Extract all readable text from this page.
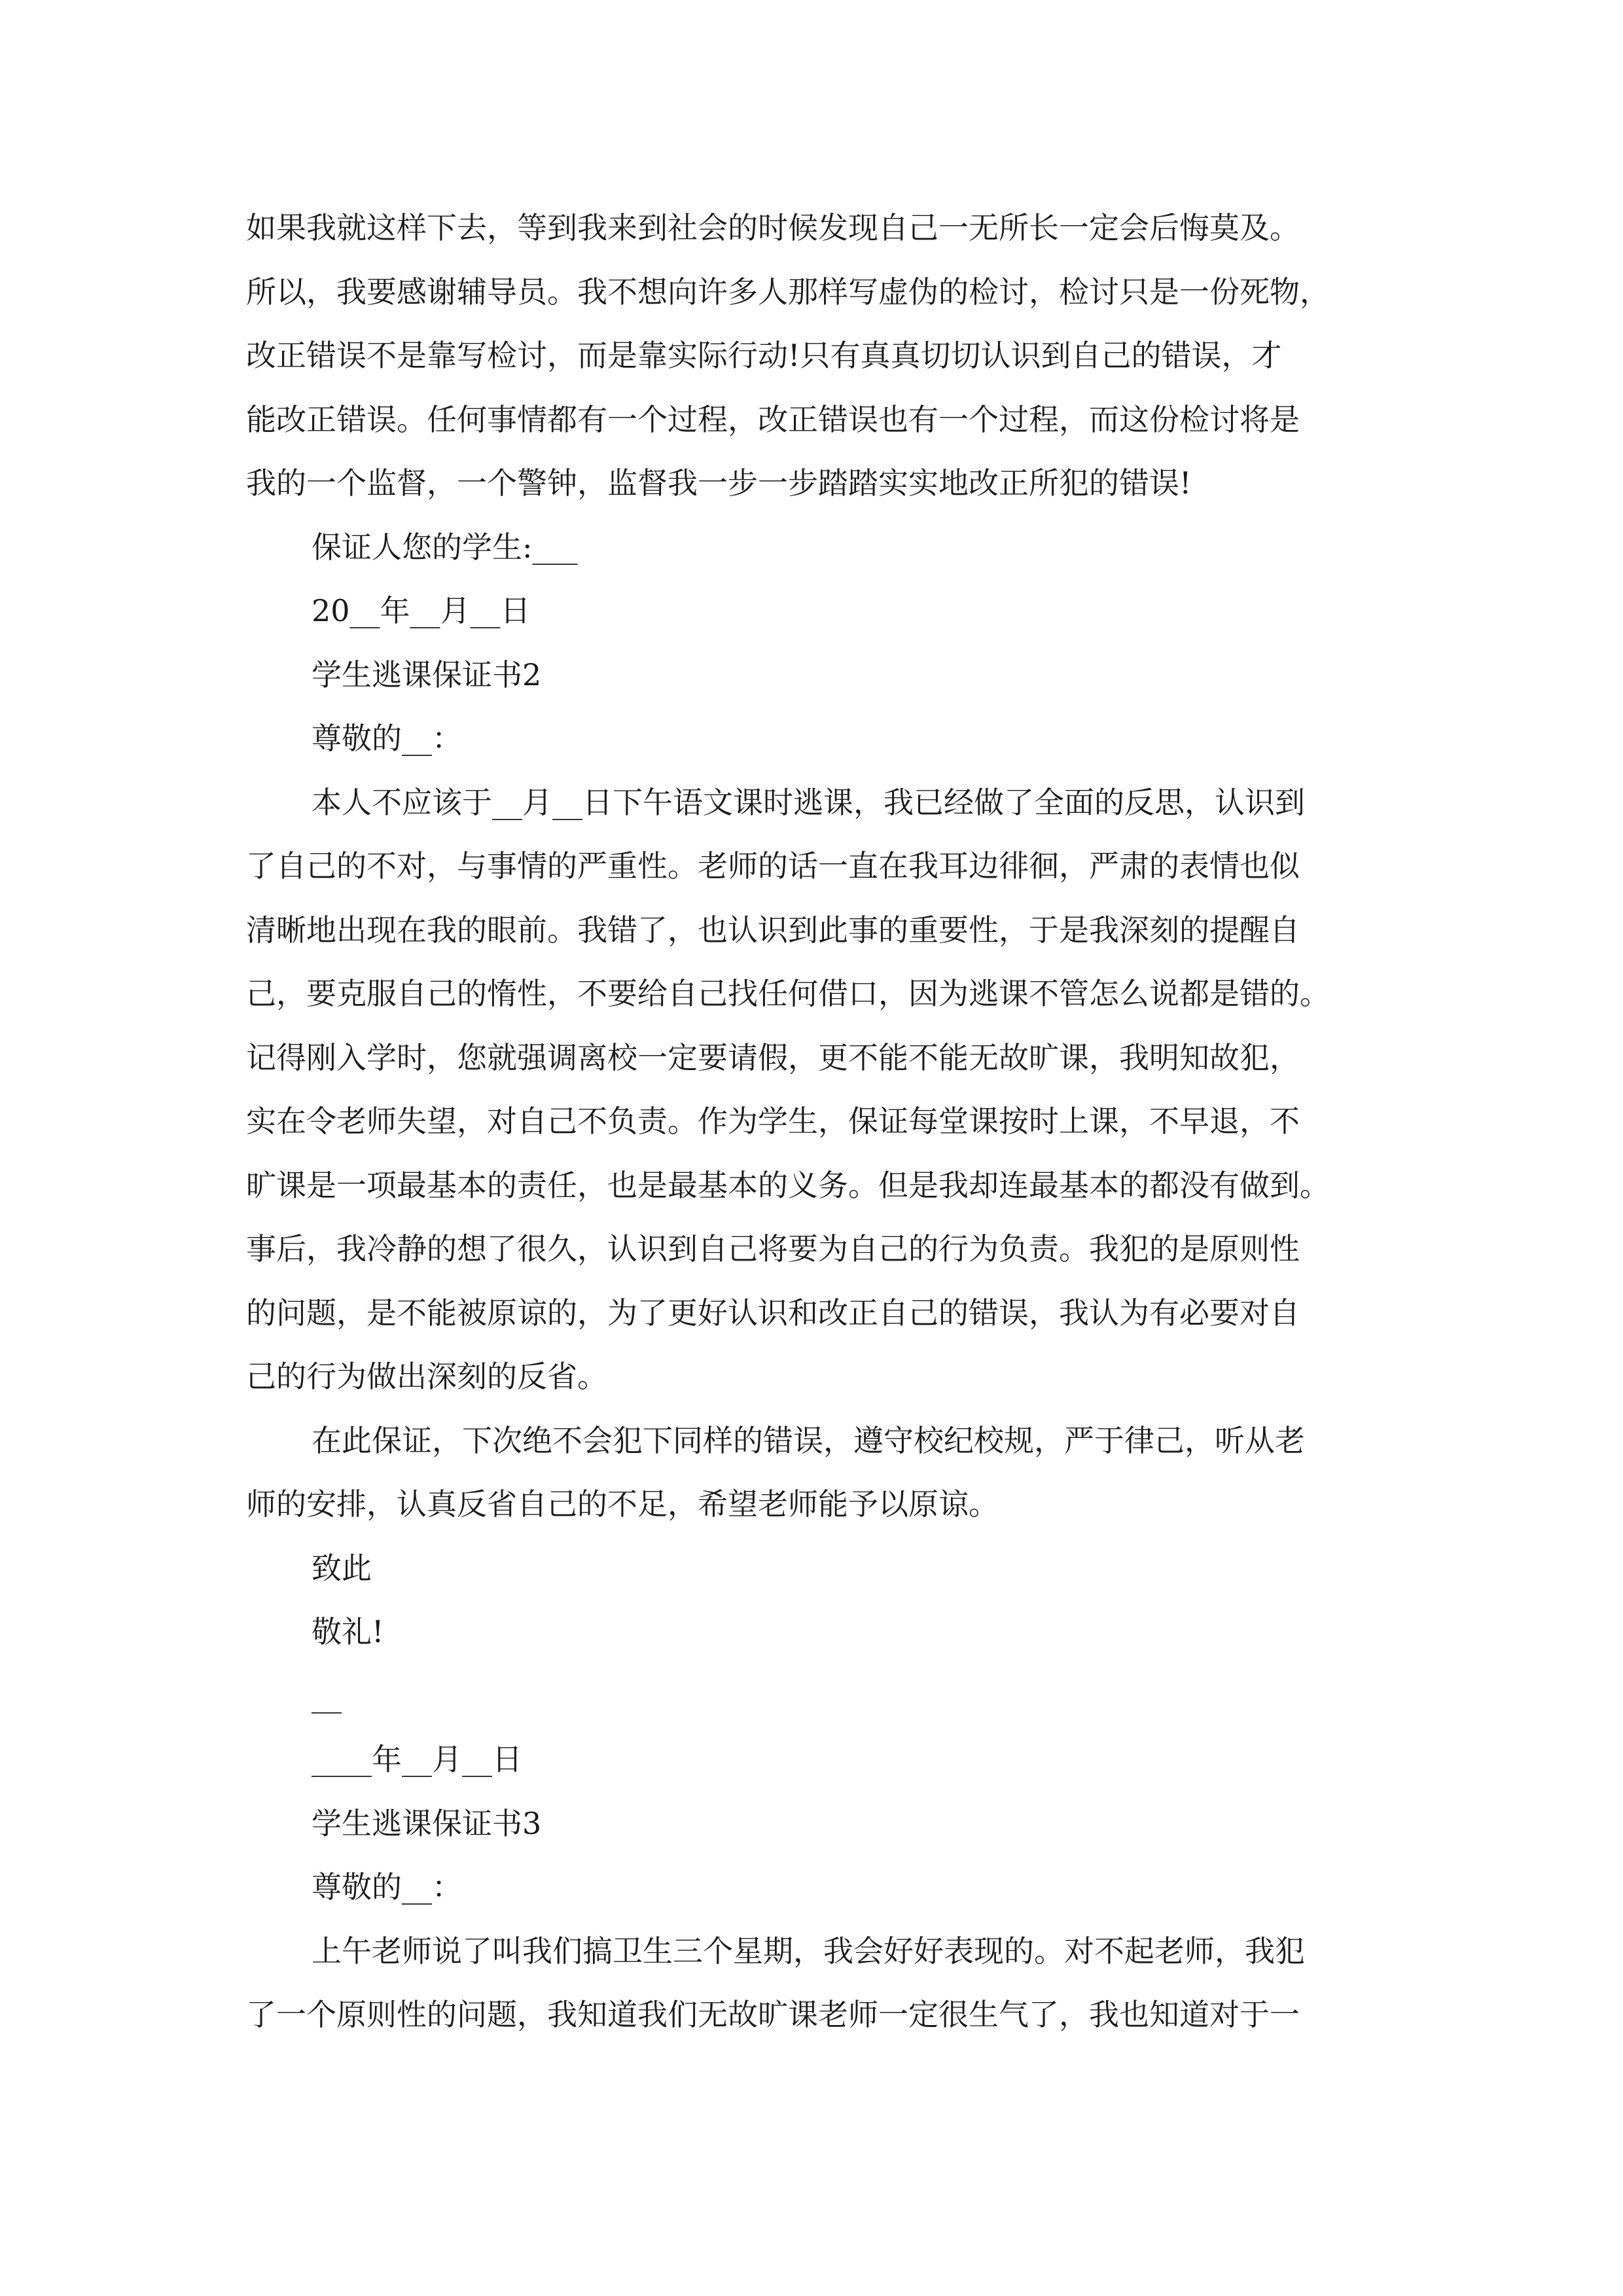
如果我就这样下去，等到我来到社会的时候发现自己一无所长一定会后悔莫及。
所以，我要感谢辅导员。我不想向许多人那样写虚伪的检讨，检讨只是一份死物，
改正错误不是靠写检讨，而是靠实际行动!只有真真切切认识到自己的错误，才
能改正错误。任何事情都有一个过程，改正错误也有一个过程，而这份检讨将是
我的一个监督，一个警钟，监督我一步一步踏踏实实地改正所犯的错误!
保证人您的学生:___
20__年__月__日
学生逃课保证书2
尊敬的__：
本人不应该于__月__日下午语文课时逃课，我已经做了全面的反思，认识到
了自己的不对，与事情的严重性。老师的话一直在我耳边徘徊，严肃的表情也似
清晰地出现在我的眼前。我错了，也认识到此事的重要性，于是我深刻的提醒自
己，要克服自己的惰性，不要给自己找任何借口，因为逃课不管怎么说都是错的。
记得刚入学时，您就强调离校一定要请假，更不能不能无故旷课，我明知故犯，
实在令老师失望，对自己不负责。作为学生，保证每堂课按时上课，不早退，不
旷课是一项最基本的责任，也是最基本的义务。但是我却连最基本的都没有做到。
事后，我冷静的想了很久，认识到自己将要为自己的行为负责。我犯的是原则性
的问题，是不能被原谅的，为了更好认识和改正自己的错误，我认为有必要对自
己的行为做出深刻的反省。
在此保证，下次绝不会犯下同样的错误，遵守校纪校规，严于律己，听从老
师的安排，认真反省自己的不足，希望老师能予以原谅。
致此
敬礼!
__
____年__月__日
学生逃课保证书3
尊敬的__：
上午老师说了叫我们搞卫生三个星期，我会好好表现的。对不起老师，我犯
了一个原则性的问题，我知道我们无故旷课老师一定很生气了，我也知道对于一
